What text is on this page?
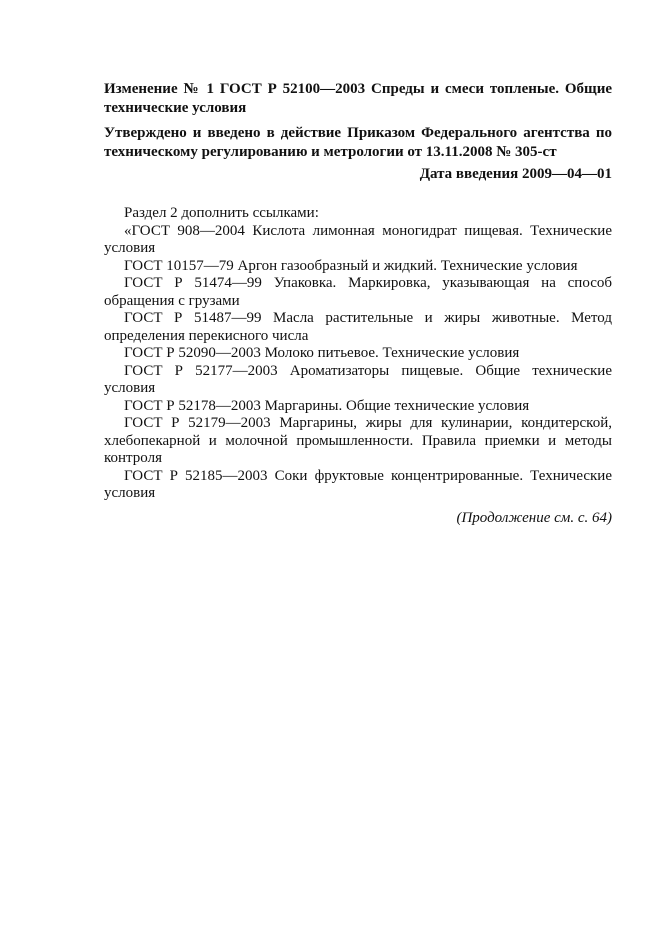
Изменение № 1 ГОСТ Р 52100—2003 Спреды и смеси топленые. Общие технические условия
Утверждено и введено в действие Приказом Федерального агентства по техническому регулированию и метрологии от 13.11.2008 № 305-ст
Дата введения 2009—04—01
Раздел 2 дополнить ссылками:
«ГОСТ 908—2004 Кислота лимонная моногидрат пищевая. Технические условия
ГОСТ 10157—79 Аргон газообразный и жидкий. Технические условия
ГОСТ Р 51474—99 Упаковка. Маркировка, указывающая на способ обращения с грузами
ГОСТ Р 51487—99 Масла растительные и жиры животные. Метод определения перекисного числа
ГОСТ Р 52090—2003 Молоко питьевое. Технические условия
ГОСТ Р 52177—2003 Ароматизаторы пищевые. Общие технические условия
ГОСТ Р 52178—2003 Маргарины. Общие технические условия
ГОСТ Р 52179—2003 Маргарины, жиры для кулинарии, кондитерской, хлебопекарной и молочной промышленности. Правила приемки и методы контроля
ГОСТ Р 52185—2003 Соки фруктовые концентрированные. Технические условия
(Продолжение см. с. 64)
